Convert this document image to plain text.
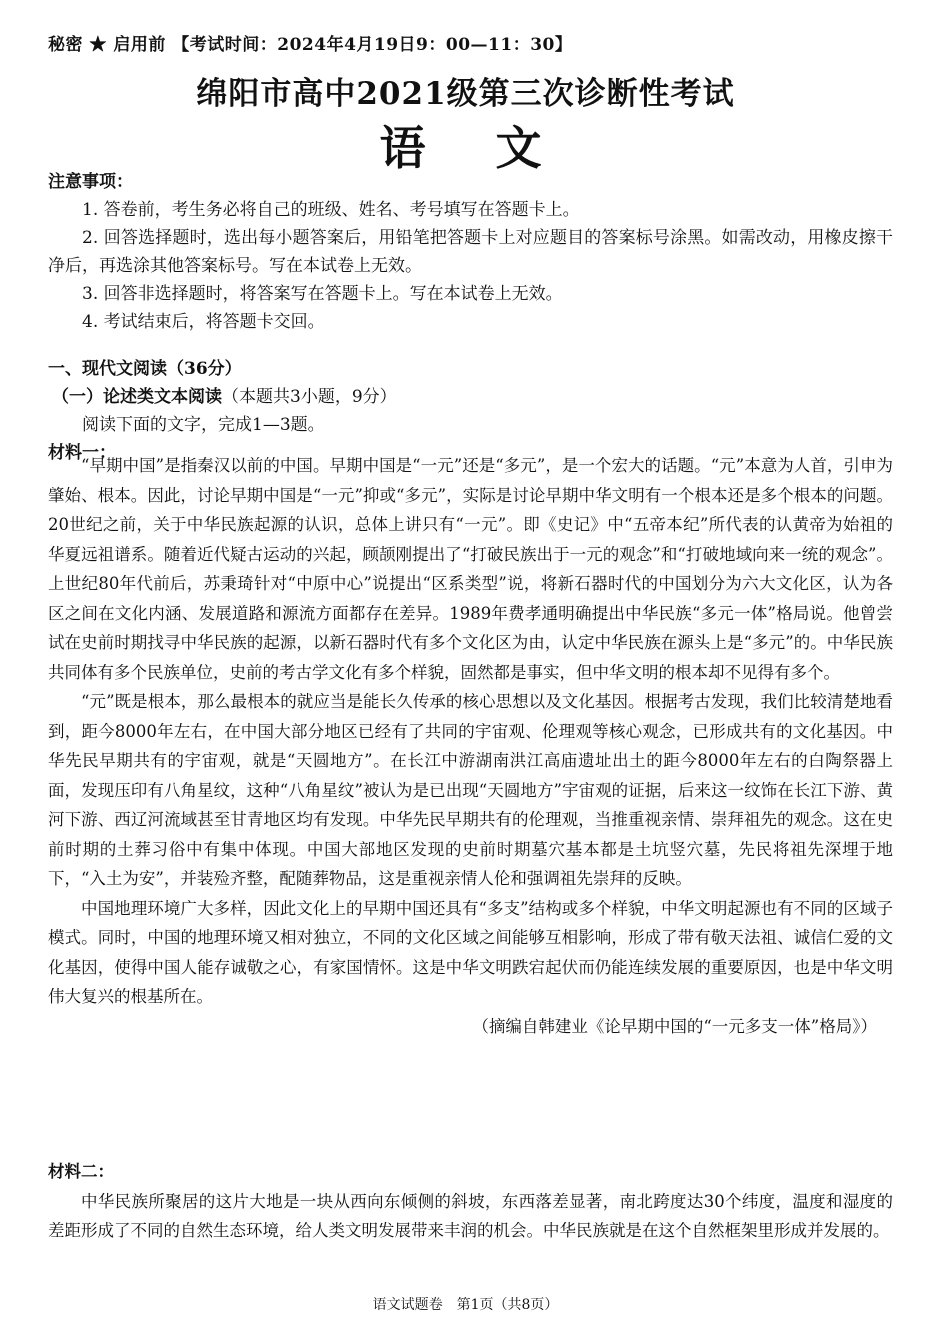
秘密 ★ 启用前 【考试时间：2024年4月19日9：00—11：30】
绵阳市高中2021级第三次诊断性考试
语文
注意事项：
1. 答卷前，考生务必将自己的班级、姓名、考号填写在答题卡上。
2. 回答选择题时，选出每小题答案后，用铅笔把答题卡上对应题目的答案标号涂黑。如需改动，用橡皮擦干净后，再选涂其他答案标号。写在本试卷上无效。
3. 回答非选择题时，将答案写在答题卡上。写在本试卷上无效。
4. 考试结束后，将答题卡交回。
一、现代文阅读（36分）
（一）论述类文本阅读（本题共3小题，9分）
阅读下面的文字，完成1—3题。
材料一：

“早期中国”是指秦汉以前的中国。早期中国是“一元”还是“多元”，是一个宏大的话题。“元”本意为人首，引申为肇始、根本。因此，讨论早期中国是“一元”抑或“多元”，实际是讨论早期中华文明有一个根本还是多个根本的问题。20世纪之前，关于中华民族起源的认识，总体上讲只有“一元”。即《史记》中“五帝本纪”所代表的认黄帝为始祖的华夏远祖谱系。随着近代疑古运动的兴起，顾颉刚提出了“打破民族出于一元的观念”和“打破地域向来一统的观念”。上世纪80年代前后，苏秉琦针对“中原中心”说提出“区系类型”说，将新石器时代的中国划分为六大文化区，认为各区之间在文化内涵、发展道路和源流方面都存在差异。1989年费孝通明确提出中华民族“多元一体”格局说。他曾尝试在史前时期找寻中华民族的起源，以新石器时代有多个文化区为由，认定中华民族在源头上是“多元”的。中华民族共同体有多个民族单位，史前的考古学文化有多个样貌，固然都是事实，但中华文明的根本却不见得有多个。

“元”既是根本，那么最根本的就应当是能长久传承的核心思想以及文化基因。根据考古发现，我们比较清楚地看到，距今8000年左右，在中国大部分地区已经有了共同的宇宙观、伦理观等核心观念，已形成共有的文化基因。中华先民早期共有的宇宙观，就是“天圆地方”。在长江中游湖南洪江高庙遗址出土的距今8000年左右的白陶祭器上面，发现压印有八角星纹，这种“八角星纹”被认为是已出现“天圆地方”宇宙观的证据，后来这一纹饰在长江下游、黄河下游、西辽河流域甚至甘青地区均有发现。中华先民早期共有的伦理观，当推重视亲情、崇拜祖先的观念。这在史前时期的土葬习俗中有集中体现。中国大部地区发现的史前时期墓穴基本都是土坑竖穴墓，先民将祖先深埋于地下，“入土为安”，并装殓齐整，配随葬物品，这是重视亲情人伦和强调祖先崇拜的反映。

中国地理环境广大多样，因此文化上的早期中国还具有“多支”结构或多个样貌，中华文明起源也有不同的区域子模式。同时，中国的地理环境又相对独立，不同的文化区域之间能够互相影响，形成了带有敬天法祖、诚信仁爱的文化基因，使得中国人能存诚敬之心，有家国情怀。这是中华文明跌宕起伏而仍能连续发展的重要原因，也是中华文明伟大复兴的根基所在。

（摘编自韩建业《论早期中国的“一元多支一体”格局》）
材料二：

中华民族所聚居的这片大地是一块从西向东倾侧的斜坡，东西落差显著，南北跨度达30个纬度，温度和湿度的差距形成了不同的自然生态环境，给人类文明发展带来丰润的机会。中华民族就是在这个自然框架里形成并发展的。

语文试题卷　第1页（共8页）
